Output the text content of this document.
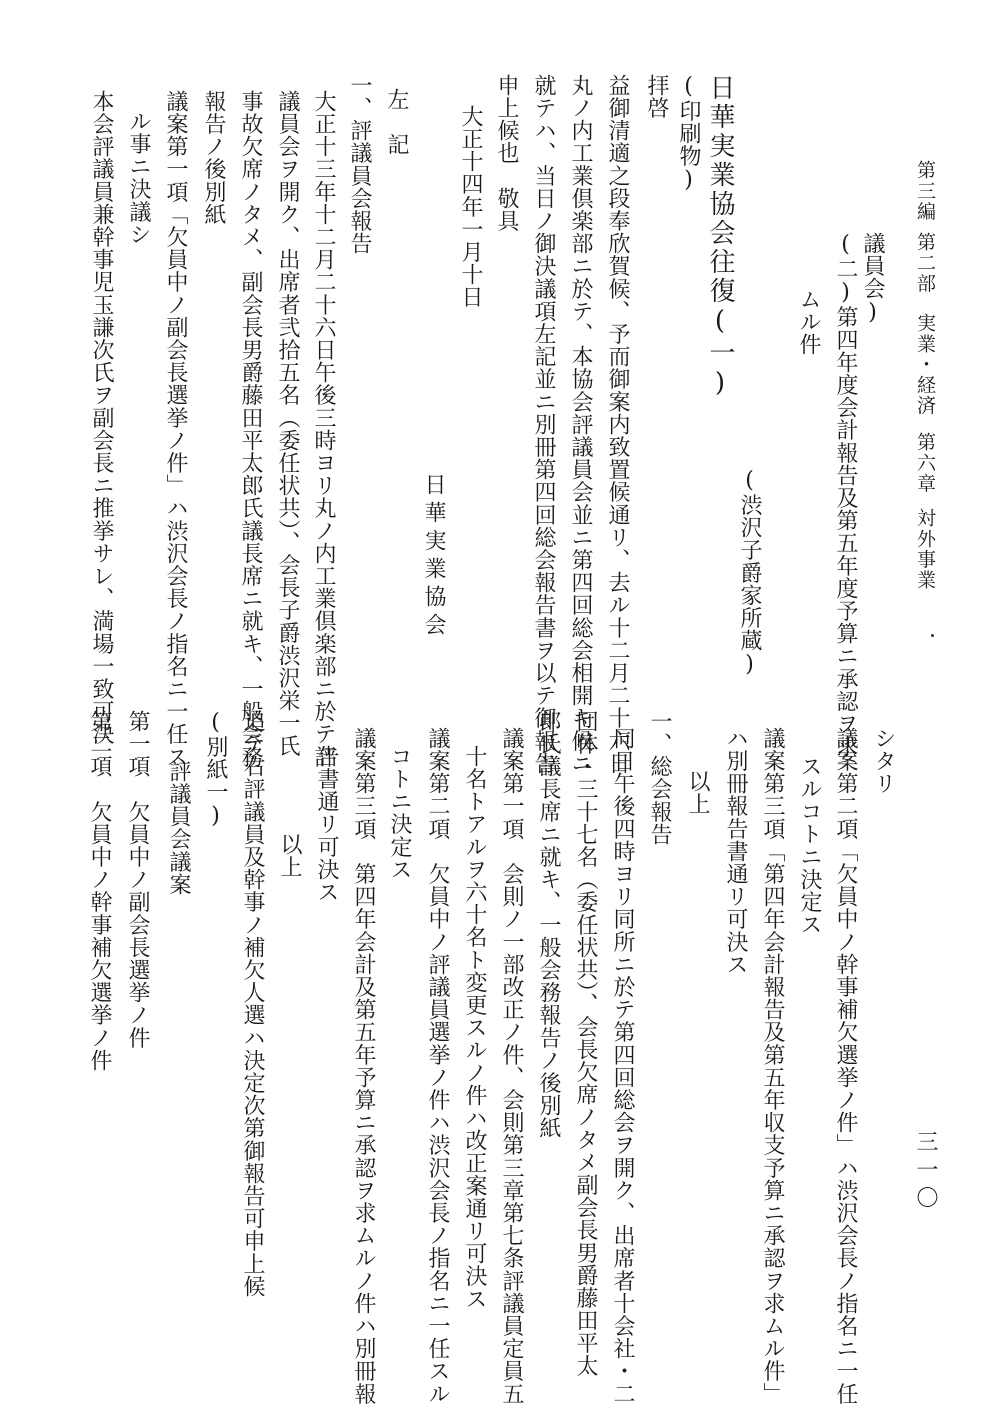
第三編
第二部
実業・経済
第六章
対外事業
三一〇
議員会)
(二)第四年度会計報告及第五年度予算ニ承認ヲ求
ムル件
(渋沢子爵家所蔵)
日華実業協会往復(一)
(印刷物)
拝啓
益御清適之段奉欣賀候、予而御案内致置候通リ、去ル十二月二十六日
丸ノ内工業倶楽部ニ於テ、本協会評議員会並ニ第四回総会相開キ候ニ
就テハ、当日ノ御決議項左記並ニ別冊第四回総会報告書ヲ以テ御報告
申上候也　敬具
大正十四年一月十日
日華実業協会
左　記
一、評議員会報告
大正十三年十二月二十六日午後三時ヨリ丸ノ内工業倶楽部ニ於テ評
議員会ヲ開ク、出席者弐拾五名（委任状共）、会長子爵渋沢栄一氏
事故欠席ノタメ、副会長男爵藤田平太郎氏議長席ニ就キ、一般会務
報告ノ後別紙
議案第一項「欠員中ノ副会長選挙ノ件」ハ渋沢会長ノ指名ニ一任ス
ル事ニ決議シ
本会評議員兼幹事児玉謙次氏ヲ副会長ニ推挙サレ、満場一致可決
シタリ
議案第二項「欠員中ノ幹事補欠選挙ノ件」ハ渋沢会長ノ指名ニ一任
スルコトニ決定ス
議案第三項「第四年会計報告及第五年収支予算ニ承認ヲ求ムル件」
ハ別冊報告書通リ可決ス
以上
一、総会報告
同日午後四時ヨリ同所ニ於テ第四回総会ヲ開ク、出席者十会社・二
団体・三十七名（委任状共）、会長欠席ノタメ副会長男爵藤田平太
郎氏議長席ニ就キ、一般会務報告ノ後別紙
議案第一項　会則ノ一部改正ノ件、会則第三章第七条評議員定員五
十名トアルヲ六十名ト変更スルノ件ハ改正案通リ可決ス
議案第二項　欠員中ノ評議員選挙ノ件ハ渋沢会長ノ指名ニ一任スル
コトニ決定ス
議案第三項　第四年会計及第五年予算ニ承認ヲ求ムルノ件ハ別冊報
告書通リ可決ス
以上
追テ右評議員及幹事ノ補欠人選ハ決定次第御報告可申上候
(別紙一)
評議員会議案
第一項　欠員中ノ副会長選挙ノ件
第二項　欠員中ノ幹事補欠選挙ノ件
